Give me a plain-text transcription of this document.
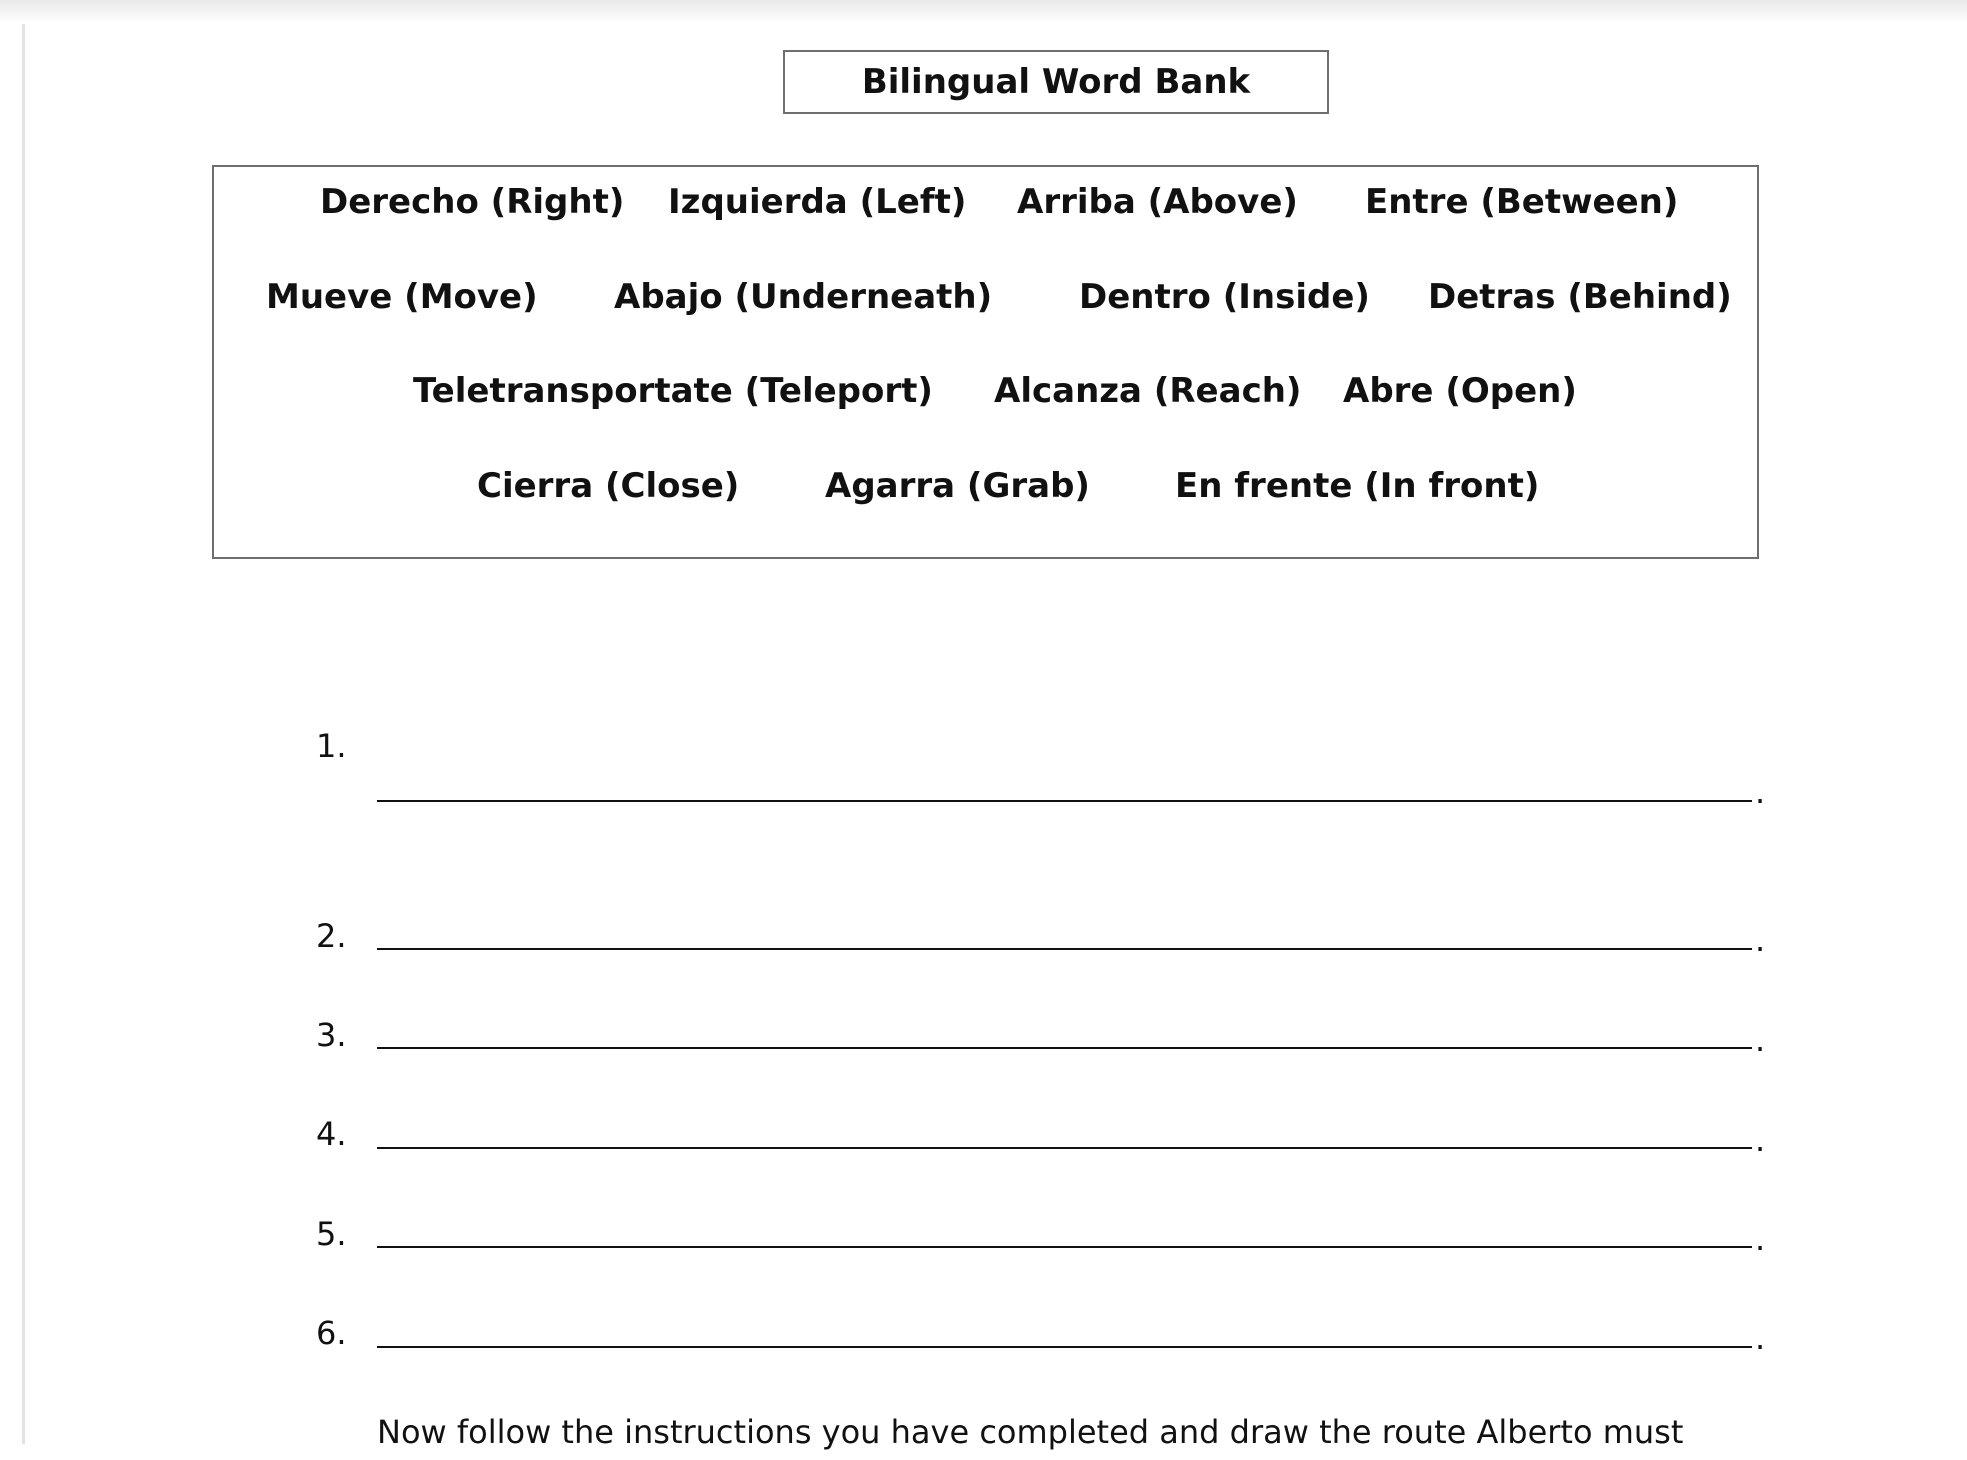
Bilingual Word Bank
Derecho (Right) Izquierda (Left) Arriba (Above) Entre (Between)
Mueve (Move) Abajo (Underneath)	Dentro (Inside) Detras (Behind)
Teletransportate (Teleport) Alcanza (Reach) Abre (Open)
Cierra (Close)	Agarra (Grab)	En frente (In front)
1.
.
2.	.
3.	.
4.	.
5.	.
6.	.
Now follow the instructions you have completed and draw the route Alberto must
